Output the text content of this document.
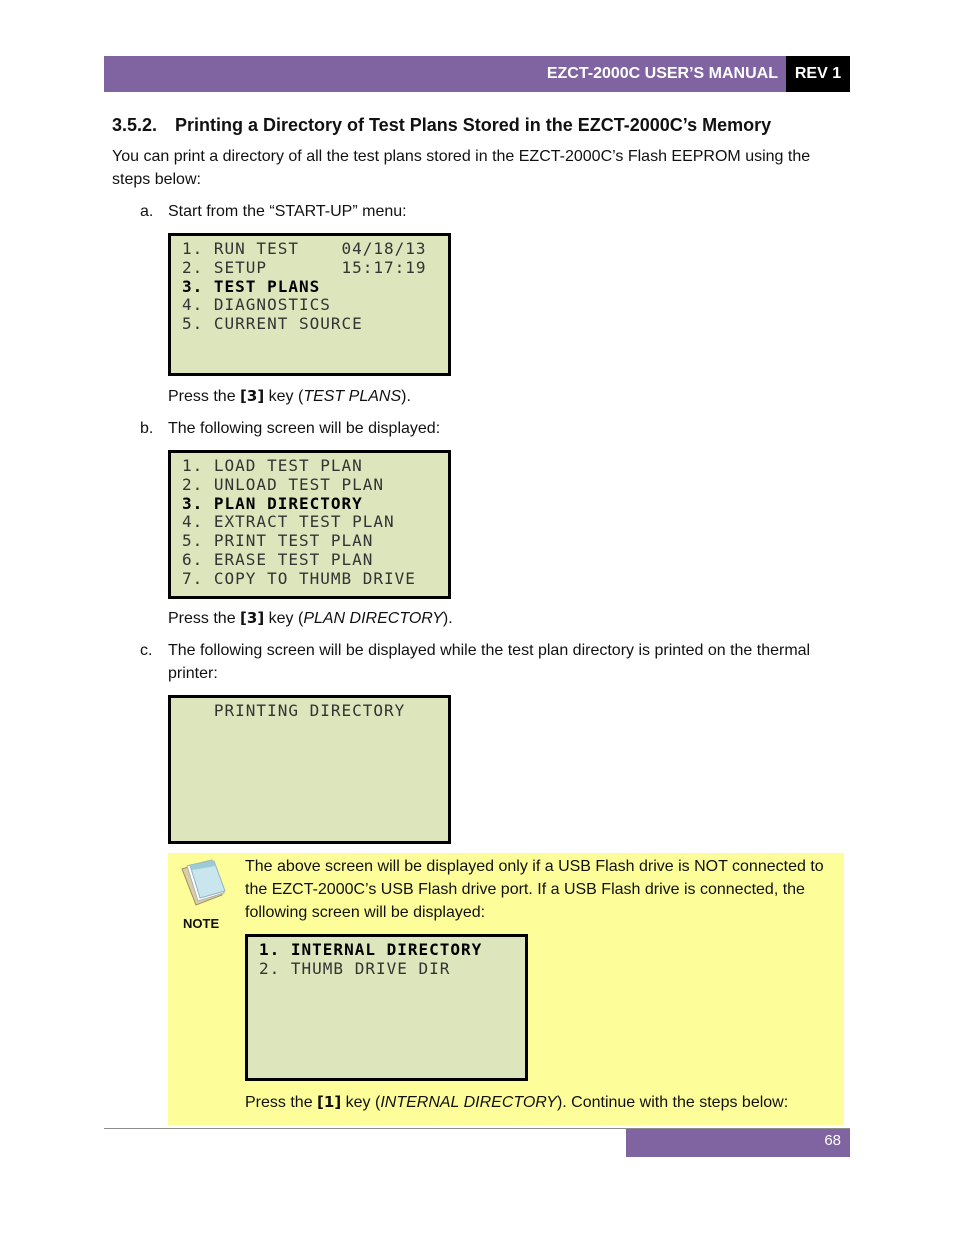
EZCT-2000C USER’S MANUAL	REV 1
3.5.2. Printing a Directory of Test Plans Stored in the EZCT-2000C’s Memory
You can print a directory of all the test plans stored in the EZCT-2000C’s Flash EEPROM using the steps below:
a. Start from the “START-UP” menu:
1. RUN TEST    04/18/13
2. SETUP       15:17:19
3. TEST PLANS
4. DIAGNOSTICS
5. CURRENT SOURCE
Press the [3] key (TEST PLANS).
b. The following screen will be displayed:
1. LOAD TEST PLAN
2. UNLOAD TEST PLAN
3. PLAN DIRECTORY
4. EXTRACT TEST PLAN
5. PRINT TEST PLAN
6. ERASE TEST PLAN
7. COPY TO THUMB DRIVE
Press the [3] key (PLAN DIRECTORY).
c. The following screen will be displayed while the test plan directory is printed on the thermal printer:
PRINTING DIRECTORY
NOTE
The above screen will be displayed only if a USB Flash drive is NOT connected to the EZCT-2000C’s USB Flash drive port. If a USB Flash drive is connected, the following screen will be displayed:
1. INTERNAL DIRECTORY
2. THUMB DRIVE DIR
Press the [1] key (INTERNAL DIRECTORY). Continue with the steps below:
68
